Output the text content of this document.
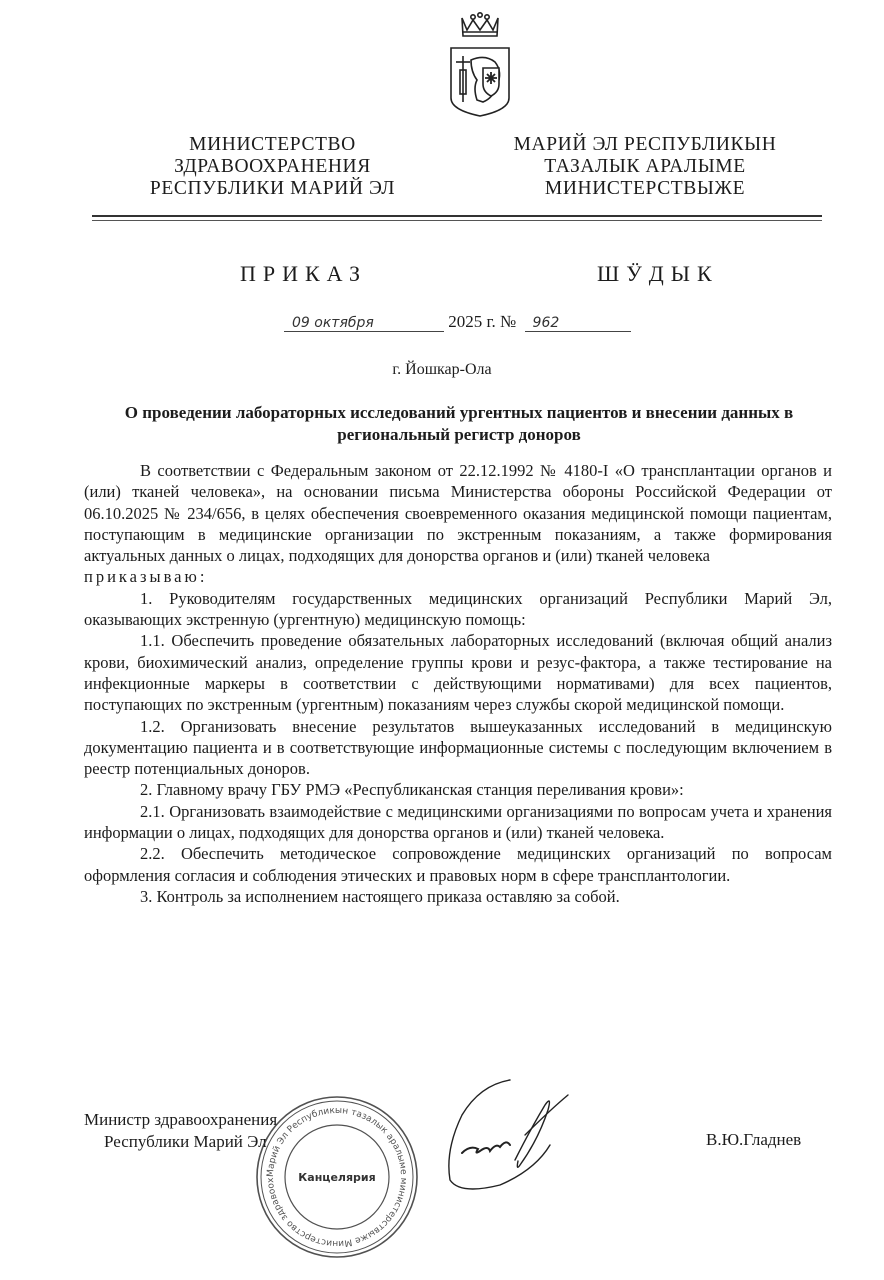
МИНИСТЕРСТВО
ЗДРАВООХРАНЕНИЯ
РЕСПУБЛИКИ МАРИЙ ЭЛ
МАРИЙ ЭЛ РЕСПУБЛИКЫН
ТАЗАЛЫК АРАЛЫМЕ
МИНИСТЕРСТВЫЖЕ
ПРИКАЗ	ШӰДЫК
09 октября	2025 г. № 962
г. Йошкар-Ола
О проведении лабораторных исследований ургентных пациентов и внесении данных в региональный регистр доноров

В соответствии с Федеральным законом от 22.12.1992 № 4180-I «О трансплантации органов и (или) тканей человека», на основании письма Министерства обороны Российской Федерации от 06.10.2025 № 234/656, в целях обеспечения своевременного оказания медицинской помощи пациентам, поступающим в медицинские организации по экстренным показаниям, а также формирования актуальных данных о лицах, подходящих для донорства органов и (или) тканей человека

приказываю:

1. Руководителям государственных медицинских организаций Республики Марий Эл, оказывающих экстренную (ургентную) медицинскую помощь:

1.1. Обеспечить проведение обязательных лабораторных исследований (включая общий анализ крови, биохимический анализ, определение группы крови и резус-фактора, а также тестирование на инфекционные маркеры в соответствии с действующими нормативами) для всех пациентов, поступающих по экстренным (ургентным) показаниям через службы скорой медицинской помощи.

1.2. Организовать внесение результатов вышеуказанных исследований в медицинскую документацию пациента и в соответствующие информационные системы с последующим включением в реестр потенциальных доноров.

2. Главному врачу ГБУ РМЭ «Республиканская станция переливания крови»:

2.1. Организовать взаимодействие с медицинскими организациями по вопросам учета и хранения информации о лицах, подходящих для донорства органов и (или) тканей человека.

2.2. Обеспечить методическое сопровождение медицинских организаций по вопросам оформления согласия и соблюдения этических и правовых норм в сфере трансплантологии.

3. Контроль за исполнением настоящего приказа оставляю за собой.

Министр здравоохранения
Республики Марий Эл	В.Ю.Гладнев
Марий Эл Республикын тазалык аралыме министерствыже Министерство здравоох	Канцелярия
